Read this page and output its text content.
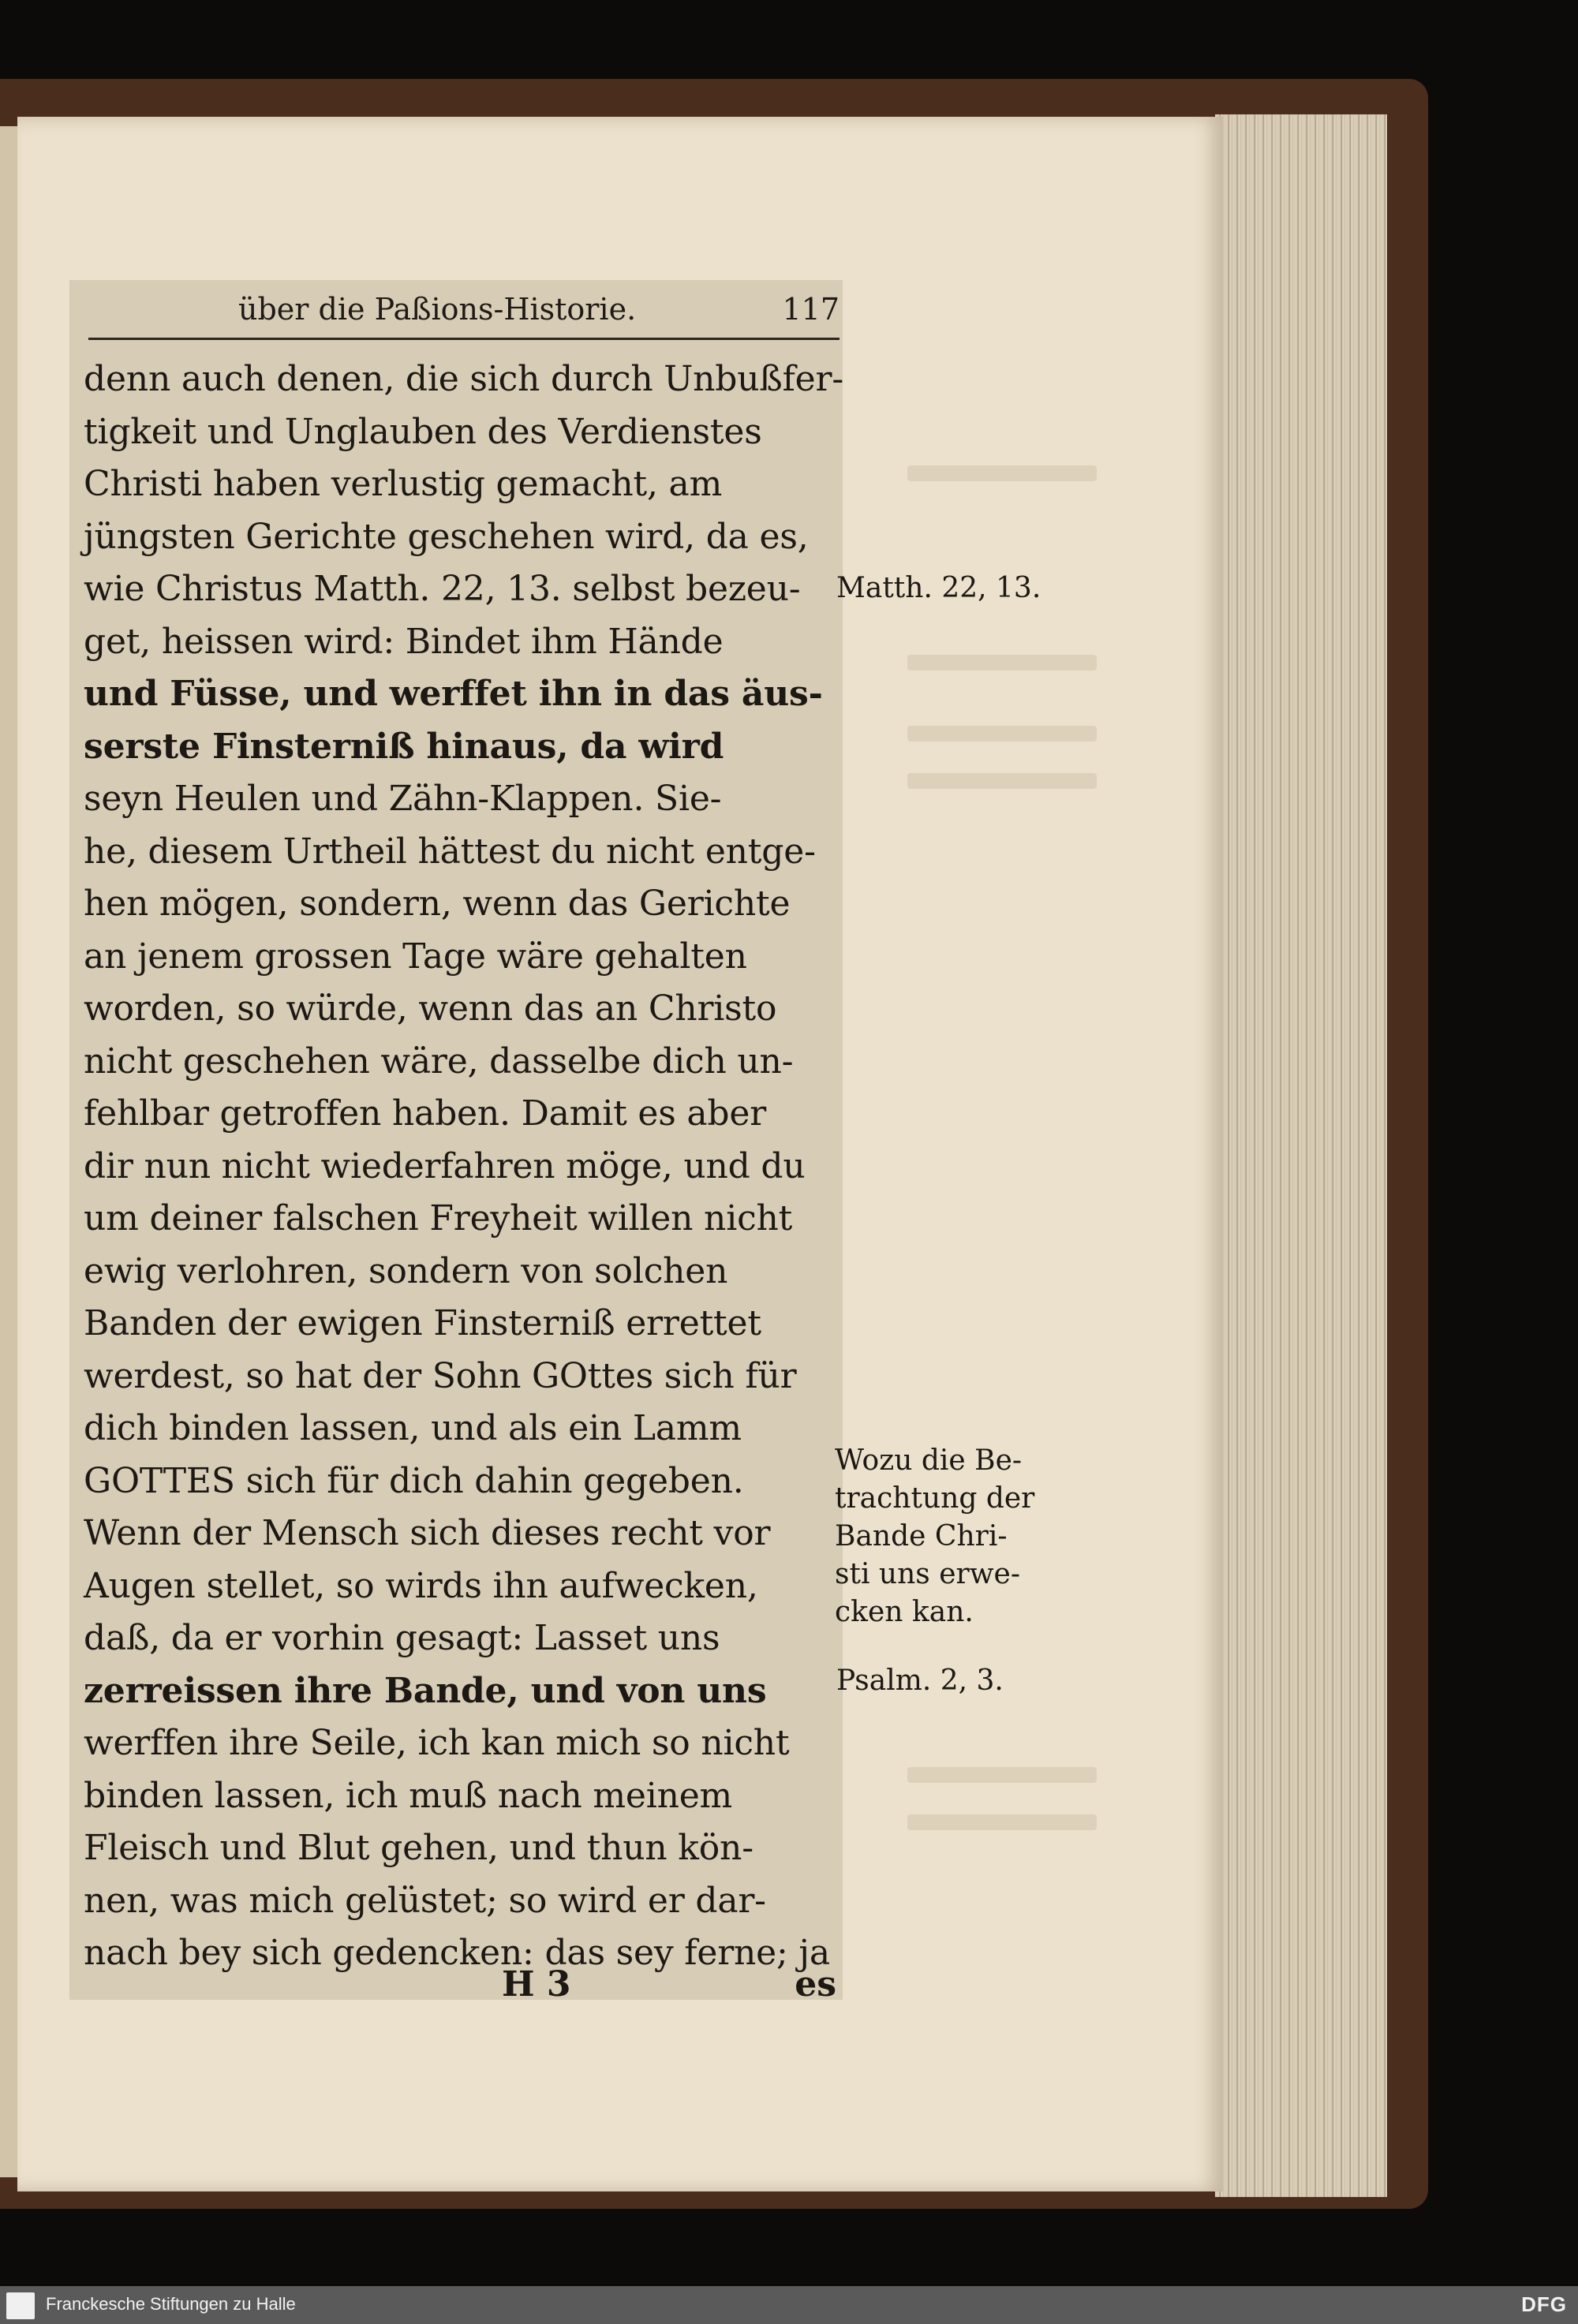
über die Paßions-Historie.	117
denn auch denen, die sich durch Unbußfer-
tigkeit und Unglauben des Verdienstes
Christi haben verlustig gemacht, am
jüngsten Gerichte geschehen wird, da es,
wie Christus Matth. 22, 13. selbst bezeu-
get, heissen wird: Bindet ihm Hände
und Füsse, und werffet ihn in das äus-
serste Finsterniß hinaus, da wird
seyn Heulen und Zähn-Klappen. Sie-
he, diesem Urtheil hättest du nicht entge-
hen mögen, sondern, wenn das Gerichte
an jenem grossen Tage wäre gehalten
worden, so würde, wenn das an Christo
nicht geschehen wäre, dasselbe dich un-
fehlbar getroffen haben. Damit es aber
dir nun nicht wiederfahren möge, und du
um deiner falschen Freyheit willen nicht
ewig verlohren, sondern von solchen
Banden der ewigen Finsterniß errettet
werdest, so hat der Sohn GOttes sich für
dich binden lassen, und als ein Lamm
GOTTES sich für dich dahin gegeben.
Wenn der Mensch sich dieses recht vor
Augen stellet, so wirds ihn aufwecken,
daß, da er vorhin gesagt: Lasset uns
zerreissen ihre Bande, und von uns
werffen ihre Seile, ich kan mich so nicht
binden lassen, ich muß nach meinem
Fleisch und Blut gehen, und thun kön-
nen, was mich gelüstet; so wird er dar-
nach bey sich gedencken: das sey ferne; ja
H 3	es
Matth. 22, 13.
Wozu die Be-
trachtung der
Bande Chri-
sti uns erwe-
cken kan.
Psalm. 2, 3.
Franckesche Stiftungen zu Halle	DFG
